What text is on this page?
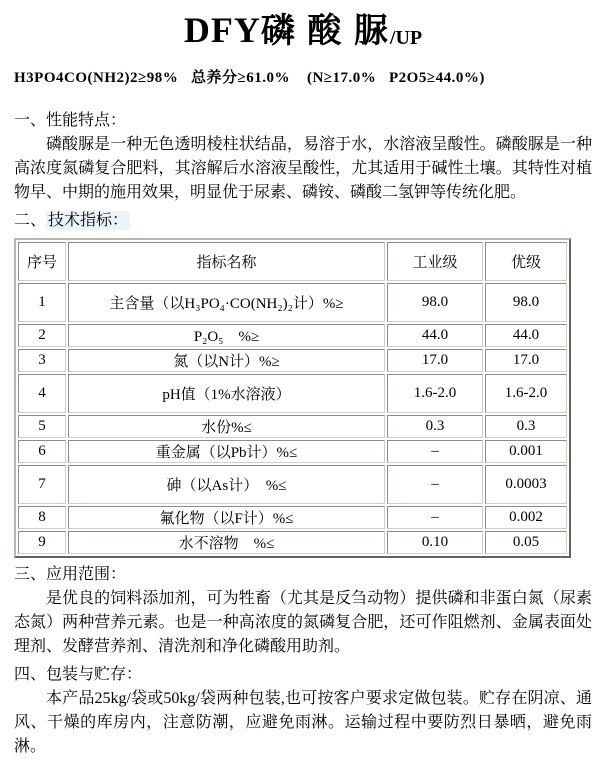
DFY磷 酸 脲/UP
H3PO4CO(NH2)2≥98%   总养分≥61.0%    (N≥17.0%   P2O5≥44.0%)
一、性能特点：
磷酸脲是一种无色透明棱柱状结晶，易溶于水，水溶液呈酸性。磷酸脲是一种高浓度氮磷复合肥料，其溶解后水溶液呈酸性，尤其适用于碱性土壤。其特性对植物早、中期的施用效果，明显优于尿素、磷铵、磷酸二氢钾等传统化肥。
二、 技术指标：
序号	指标名称	工业级	优级
1	主含量（以H₃PO₄·CO(NH₂)₂计）%≥	98.0	98.0
2	P₂O₅　%≥	44.0	44.0
3	氮（以N计）%≥	17.0	17.0
4	pH值（1%水溶液）	1.6-2.0	1.6-2.0
5	水份%≤	0.3	0.3
6	重金属（以Pb计）%≤	–	0.001
7	砷（以As计）　%≤	–	0.0003
8	氟化物（以F计）%≤	–	0.002
9	水不溶物　%≤	0.10	0.05
三、应用范围：
是优良的饲料添加剂，可为牲畜（尤其是反刍动物）提供磷和非蛋白氮（尿素态氮）两种营养元素。也是一种高浓度的氮磷复合肥，还可作阻燃剂、金属表面处理剂、发酵营养剂、清洗剂和净化磷酸用助剂。
四、包装与贮存：
本产品25kg/袋或50kg/袋两种包装,也可按客户要求定做包装。贮存在阴凉、通风、干燥的库房内，注意防潮，应避免雨淋。运输过程中要防烈日暴晒，避免雨淋。
